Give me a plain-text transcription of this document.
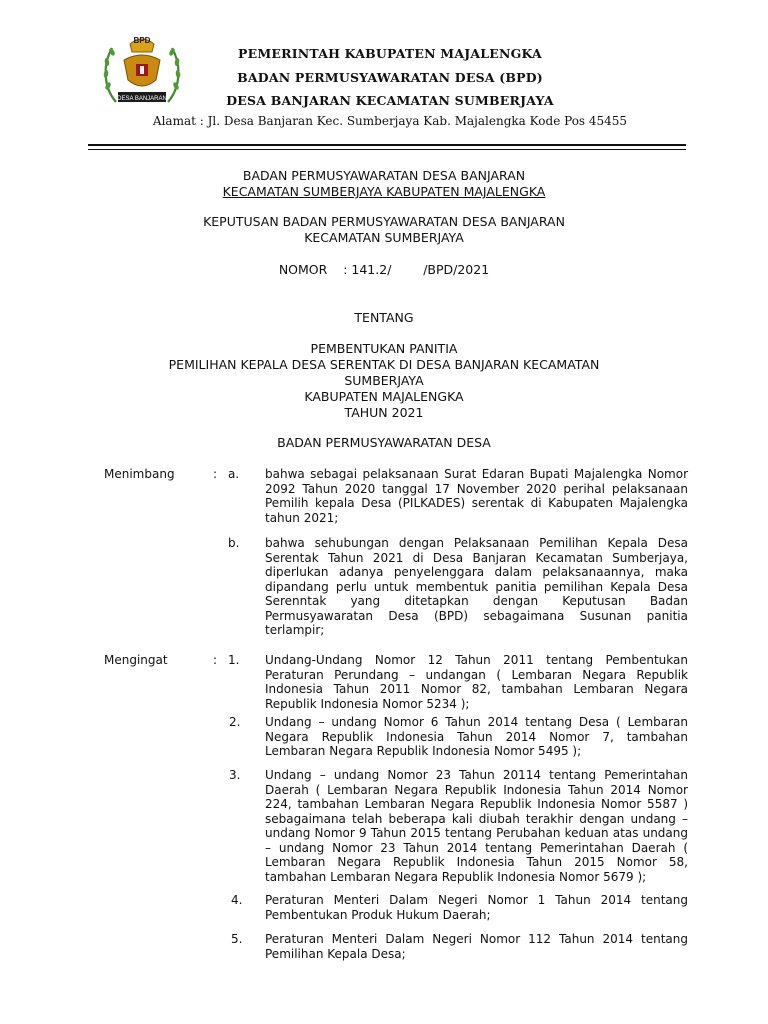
BPD
DESA BANJARAN
PEMERINTAH KABUPATEN MAJALENGKA
BADAN PERMUSYAWARATAN DESA (BPD)
DESA BANJARAN KECAMATAN SUMBERJAYA
Alamat : Jl. Desa Banjaran Kec. Sumberjaya Kab. Majalengka Kode Pos 45455
BADAN PERMUSYAWARATAN DESA BANJARAN
KECAMATAN SUMBERJAYA KABUPATEN MAJALENGKA
KEPUTUSAN BADAN PERMUSYAWARATAN DESA BANJARAN
KECAMATAN SUMBERJAYA
NOMOR    : 141.2/        /BPD/2021
TENTANG
PEMBENTUKAN PANITIA
PEMILIHAN KEPALA DESA SERENTAK DI DESA BANJARAN KECAMATAN
SUMBERJAYA
KABUPATEN MAJALENGKA
TAHUN 2021
BADAN PERMUSYAWARATAN DESA
Menimbang	: a. bahwa sebagai pelaksanaan Surat Edaran Bupati Majalengka Nomor 2092 Tahun 2020 tanggal 17 November 2020 perihal pelaksanaan Pemilih kepala Desa (PILKADES) serentak di Kabupaten Majalengka tahun 2021;
b. bahwa sehubungan dengan Pelaksanaan Pemilihan Kepala Desa Serentak Tahun 2021 di Desa Banjaran Kecamatan Sumberjaya, diperlukan adanya penyelenggara dalam pelaksanaannya, maka dipandang perlu untuk membentuk panitia pemilihan Kepala Desa Serenntak yang ditetapkan dengan Keputusan Badan Permusyawaratan Desa (BPD) sebagaimana Susunan panitia terlampir;
Mengingat	: 1. Undang-Undang Nomor 12 Tahun 2011 tentang Pembentukan Peraturan Perundang – undangan ( Lembaran Negara Republik Indonesia Tahun 2011 Nomor 82, tambahan Lembaran Negara Republik Indonesia Nomor 5234 );
2. Undang – undang Nomor 6 Tahun 2014 tentang Desa ( Lembaran Negara Republik Indonesia Tahun 2014 Nomor 7, tambahan Lembaran Negara Republik Indonesia Nomor 5495 );
3. Undang – undang Nomor 23 Tahun 20114 tentang Pemerintahan Daerah ( Lembaran Negara Republik Indonesia Tahun 2014 Nomor 224, tambahan Lembaran Negara Republik Indonesia Nomor 5587 ) sebagaimana telah beberapa kali diubah terakhir dengan undang – undang Nomor 9 Tahun 2015 tentang Perubahan keduan atas undang – undang Nomor 23 Tahun 2014 tentang Pemerintahan Daerah ( Lembaran Negara Republik Indonesia Tahun 2015 Nomor 58, tambahan Lembaran Negara Republik Indonesia Nomor 5679 );
4. Peraturan Menteri Dalam Negeri Nomor 1 Tahun 2014 tentang Pembentukan Produk Hukum Daerah;
5. Peraturan Menteri Dalam Negeri Nomor 112 Tahun 2014 tentang Pemilihan Kepala Desa;
